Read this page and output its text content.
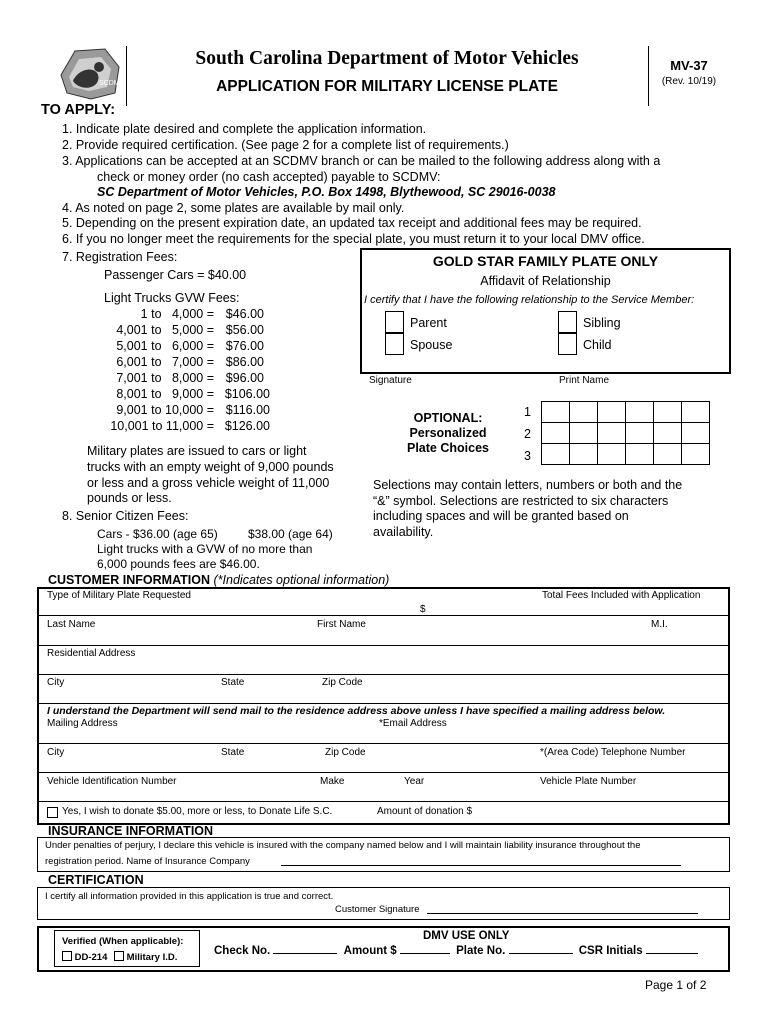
SCDMV
South Carolina Department of Motor Vehicles
APPLICATION FOR MILITARY LICENSE PLATE
MV-37
(Rev. 10/19)
TO APPLY:
1. Indicate plate desired and complete the application information.
2. Provide required certification. (See page 2 for a complete list of requirements.)
3. Applications can be accepted at an SCDMV branch or can be mailed to the following address along with a
check or money order (no cash accepted) payable to SCDMV:
SC Department of Motor Vehicles, P.O. Box 1498, Blythewood, SC 29016-0038
4. As noted on page 2, some plates are available by mail only.
5. Depending on the present expiration date, an updated tax receipt and additional fees may be required.
6. If you no longer meet the requirements for the special plate, you must return it to your local DMV office.
7. Registration Fees:
Passenger Cars = $40.00
Light Trucks GVW Fees:
1 to   4,000 = $46.00
4,001 to   5,000 = $56.00
5,001 to   6,000 = $76.00
6,001 to   7,000 = $86.00
7,001 to   8,000 = $96.00
8,001 to   9,000 = $106.00
9,001 to 10,000 = $116.00
10,001 to 11,000 = $126.00
Military plates are issued to cars or light
trucks with an empty weight of 9,000 pounds
or less and a gross vehicle weight of 11,000
pounds or less.
8. Senior Citizen Fees:
Cars - $36.00 (age 65)	$38.00 (age 64)
Light trucks with a GVW of no more than
6,000 pounds fees are $46.00.
GOLD STAR FAMILY PLATE ONLY
Affidavit of Relationship
I certify that I have the following relationship to the Service Member:
Parent	Sibling
Spouse	Child
Signature	Print Name
OPTIONAL:
Personalized
Plate Choices
1
2
3

Selections may contain letters, numbers or both and the
“&” symbol. Selections are restricted to six characters
including spaces and will be granted based on
availability.
CUSTOMER INFORMATION (*Indicates optional information)
Type of Military Plate Requested	Total Fees Included with Application
$
Last Name	First Name	M.I.
Residential Address
City	State	Zip Code
I understand the Department will send mail to the residence address above unless I have specified a mailing address below.
Mailing Address	*Email Address
City	State	Zip Code	*(Area Code) Telephone Number
Vehicle Identification Number	Make	Year	Vehicle Plate Number
Yes, I wish to donate $5.00, more or less, to Donate Life S.C.	Amount of donation $
INSURANCE INFORMATION
Under penalties of perjury, I declare this vehicle is insured with the company named below and I will maintain liability insurance throughout the
registration period. Name of Insurance Company
CERTIFICATION
I certify all information provided in this application is true and correct.
Customer Signature
Verified (When applicable):
DD-214 Military I.D.
DMV USE ONLY
Check No.	Amount $	Plate No.	CSR Initials
Page 1 of 2
